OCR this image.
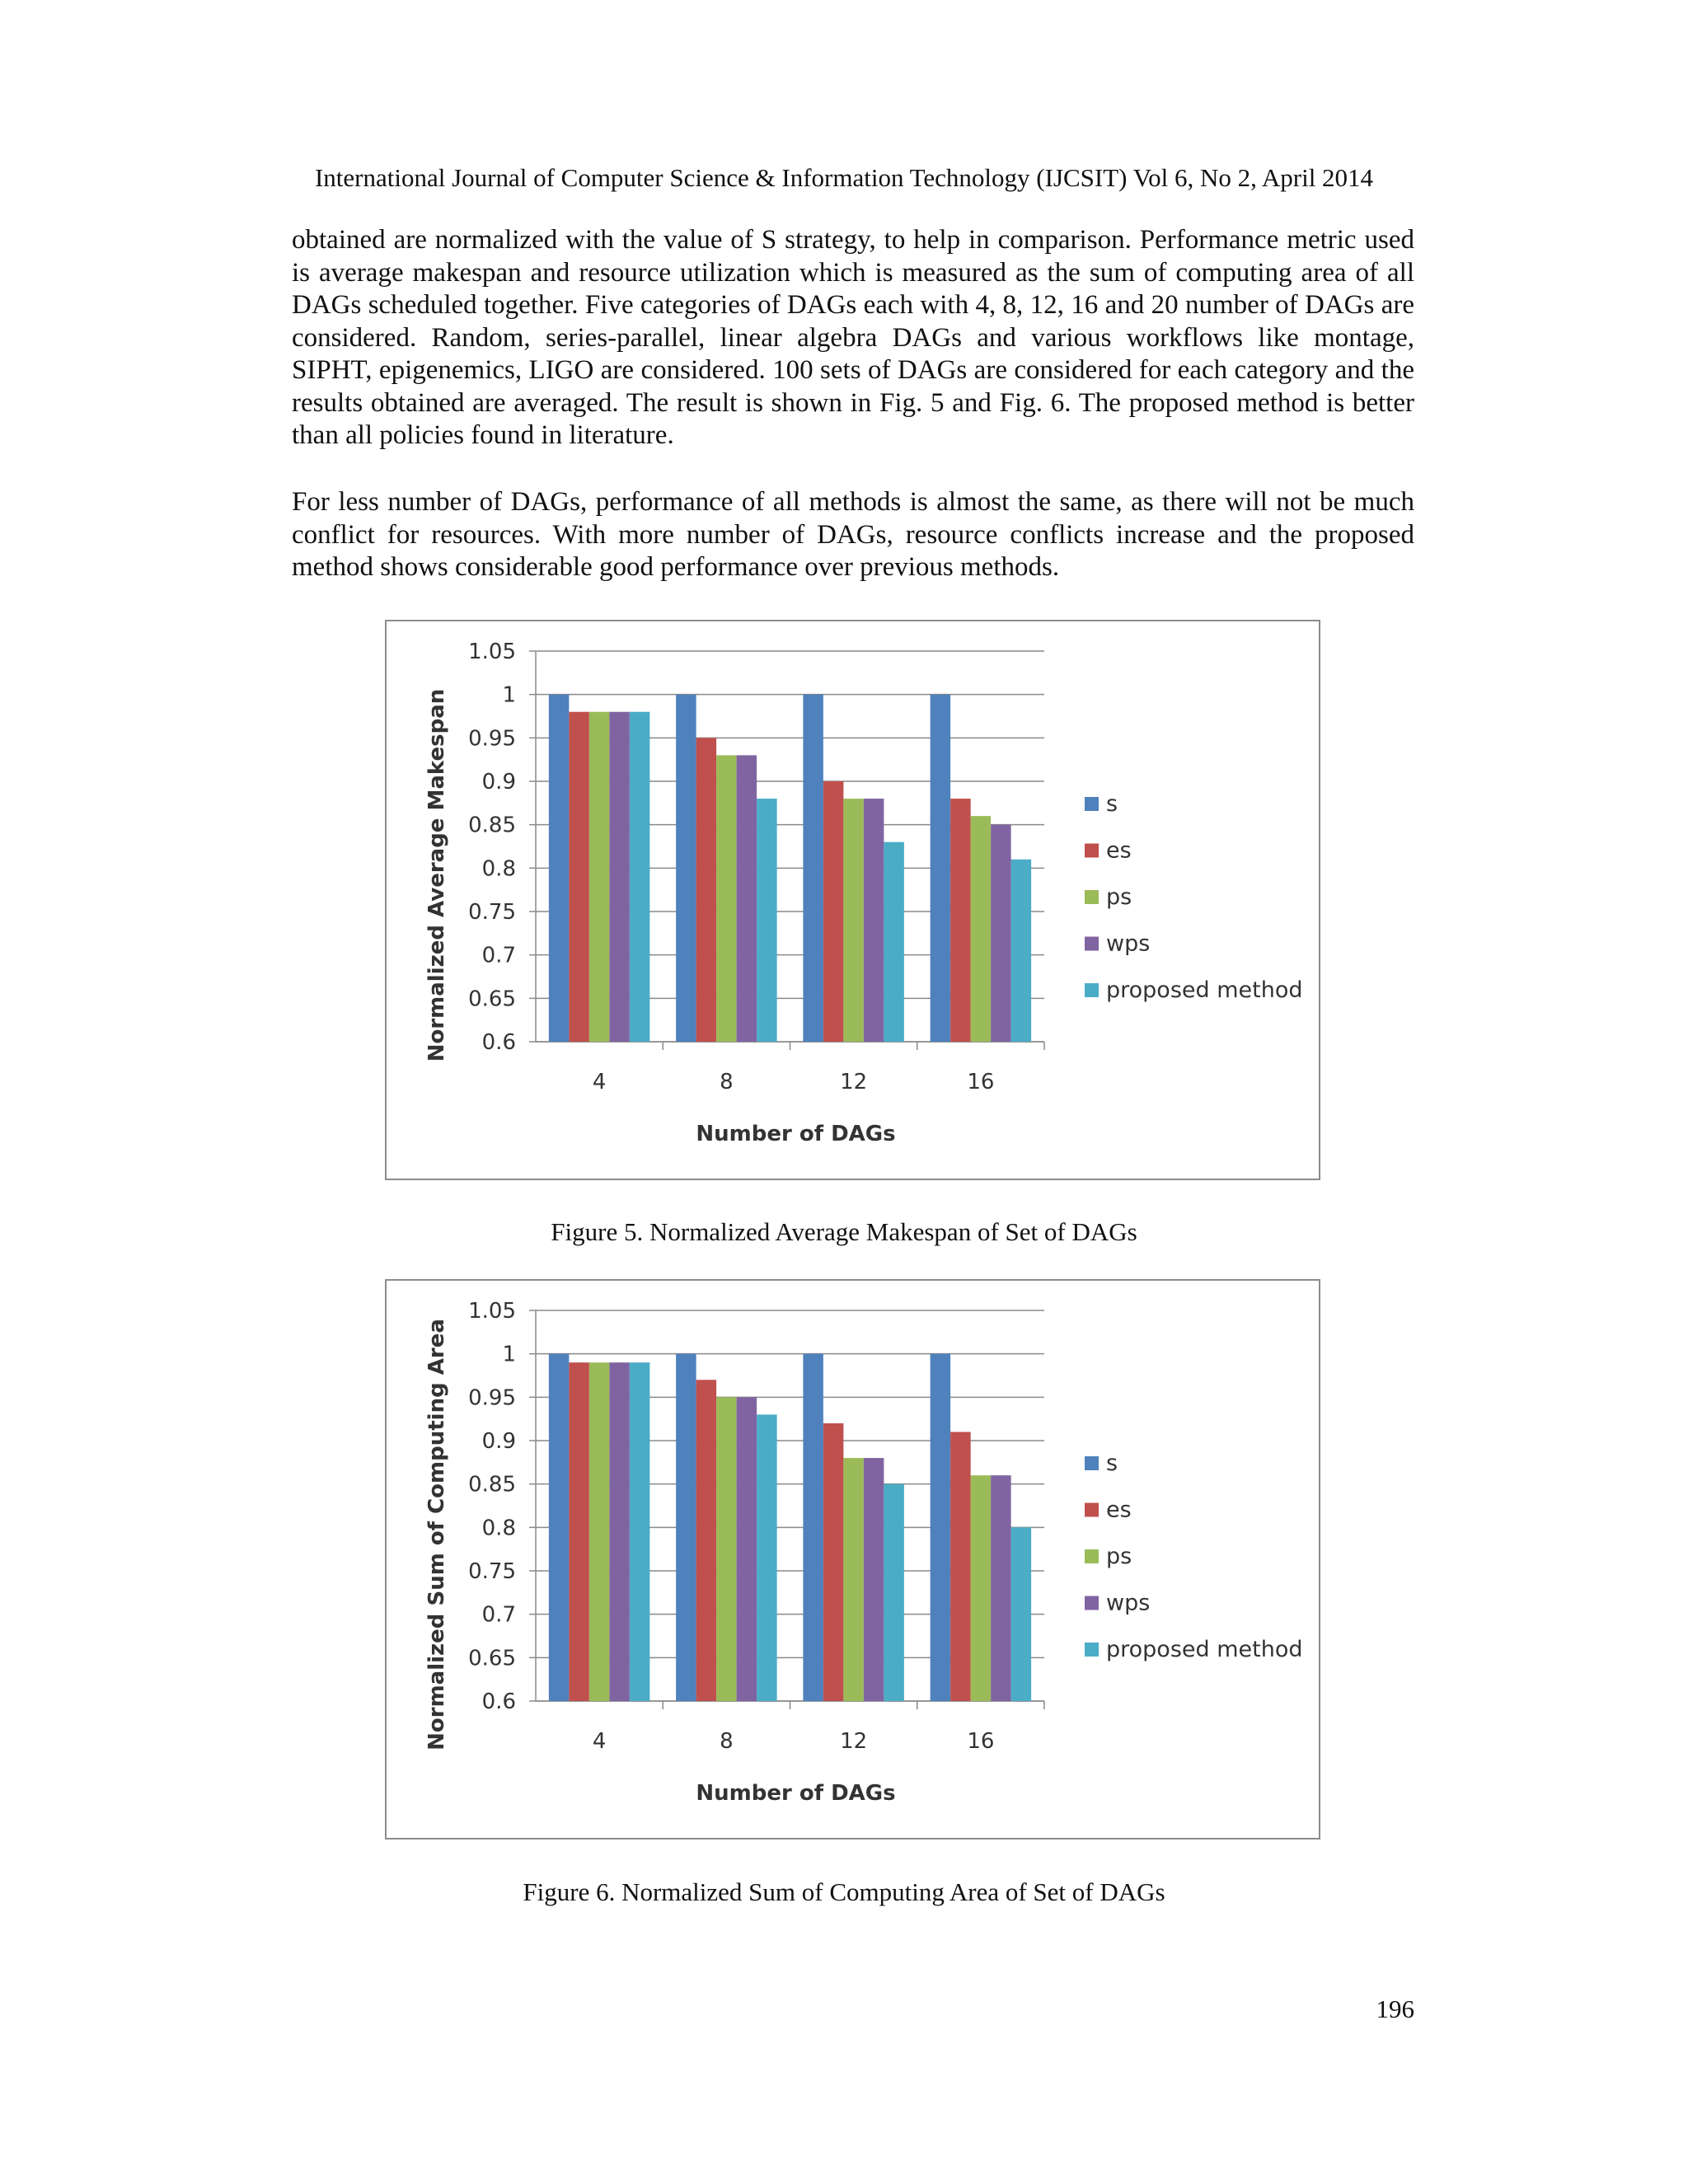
International Journal of Computer Science & Information Technology (IJCSIT) Vol 6, No 2, April 2014

obtained are normalized with the value of S strategy, to help in comparison. Performance metric used is average makespan and resource utilization which is measured as the sum of computing area of all DAGs scheduled together. Five categories of DAGs each with 4, 8, 12, 16 and 20 number of DAGs are considered. Random, series-parallel, linear algebra DAGs and various workflows like montage, SIPHT, epigenemics, LIGO are considered. 100 sets of DAGs are considered for each category and the results obtained are averaged. The result is shown in Fig. 5 and Fig. 6. The proposed method is better than all policies found in literature.

For less number of DAGs, performance of all methods is almost the same, as there will not be much conflict for resources. With more number of DAGs, resource conflicts increase and the proposed method shows considerable good performance over previous methods.

1.05
1
0.95
0.9
0.85
0.8
0.75
0.7
0.65
0.6
4	8	12	16
Number of DAGs
Normalized Average Makespan	s
es
ps
wps
proposed method
Figure 5. Normalized Average Makespan of Set of DAGs
1.05
1
0.95
0.9
0.85
0.8
0.75
0.7
0.65
0.6
4	8	12	16
Number of DAGs
Normalized Sum of Computing Area	s
es
ps
wps
proposed method
Figure 6. Normalized Sum of Computing Area of Set of DAGs
196
